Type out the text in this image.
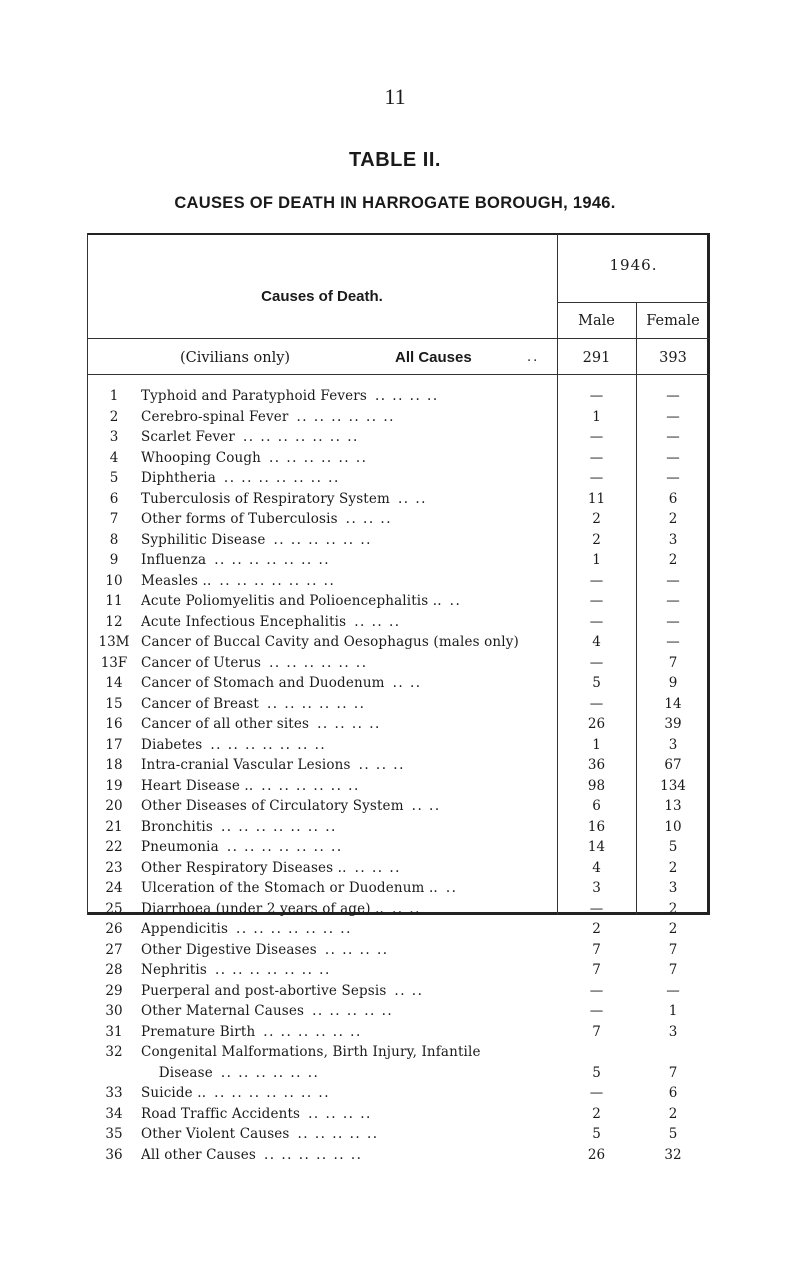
11
TABLE II.
CAUSES OF DEATH IN HARROGATE BOROUGH, 1946.
Causes of Death.
1946.
Male	Female
(Civilians only)	All Causes	..	291	393
1	Typhoid and Paratyphoid Fevers .. .. .. ..	—	—
2	Cerebro-spinal Fever .. .. .. .. .. ..	1	—
3	Scarlet Fever .. .. .. .. .. .. ..	—	—
4	Whooping Cough .. .. .. .. .. ..	—	—
5	Diphtheria .. .. .. .. .. .. ..	—	—
6	Tuberculosis of Respiratory System .. ..	11	6
7	Other forms of Tuberculosis .. .. ..	2	2
8	Syphilitic Disease .. .. .. .. .. ..	2	3
9	Influenza .. .. .. .. .. .. ..	1	2
10	Measles .. .. .. .. .. .. .. ..	—	—
11	Acute Poliomyelitis and Polioencephalitis .. ..	—	—
12	Acute Infectious Encephalitis .. .. ..	—	—
13M Cancer of Buccal Cavity and Oesophagus (males only)	4	—
13F	Cancer of Uterus .. .. .. .. .. ..	—	7
14	Cancer of Stomach and Duodenum .. ..	5	9
15	Cancer of Breast .. .. .. .. .. ..	—	14
16	Cancer of all other sites .. .. .. ..	26	39
17	Diabetes .. .. .. .. .. .. ..	1	3
18	Intra-cranial Vascular Lesions .. .. ..	36	67
19	Heart Disease .. .. .. .. .. .. ..	98	134
20	Other Diseases of Circulatory System .. ..	6	13
21	Bronchitis .. .. .. .. .. .. ..	16	10
22	Pneumonia .. .. .. .. .. .. ..	14	5
23	Other Respiratory Diseases .. .. .. ..	4	2
24	Ulceration of the Stomach or Duodenum .. ..	3	3
25	Diarrhoea (under 2 years of age) .. .. ..	—	2
26	Appendicitis .. .. .. .. .. .. ..	2	2
27	Other Digestive Diseases .. .. .. ..	7	7
28	Nephritis .. .. .. .. .. .. ..	7	7
29	Puerperal and post-abortive Sepsis .. ..	—	—
30	Other Maternal Causes .. .. .. .. ..	—	1
31	Premature Birth .. .. .. .. .. ..	7	3
32	Congenital Malformations, Birth Injury, Infantile
Disease .. .. .. .. .. ..	5	7
33	Suicide .. .. .. .. .. .. .. ..	—	6
34	Road Traffic Accidents .. .. .. ..	2	2
35	Other Violent Causes .. .. .. .. ..	5	5
36	All other Causes .. .. .. .. .. ..	26	32
